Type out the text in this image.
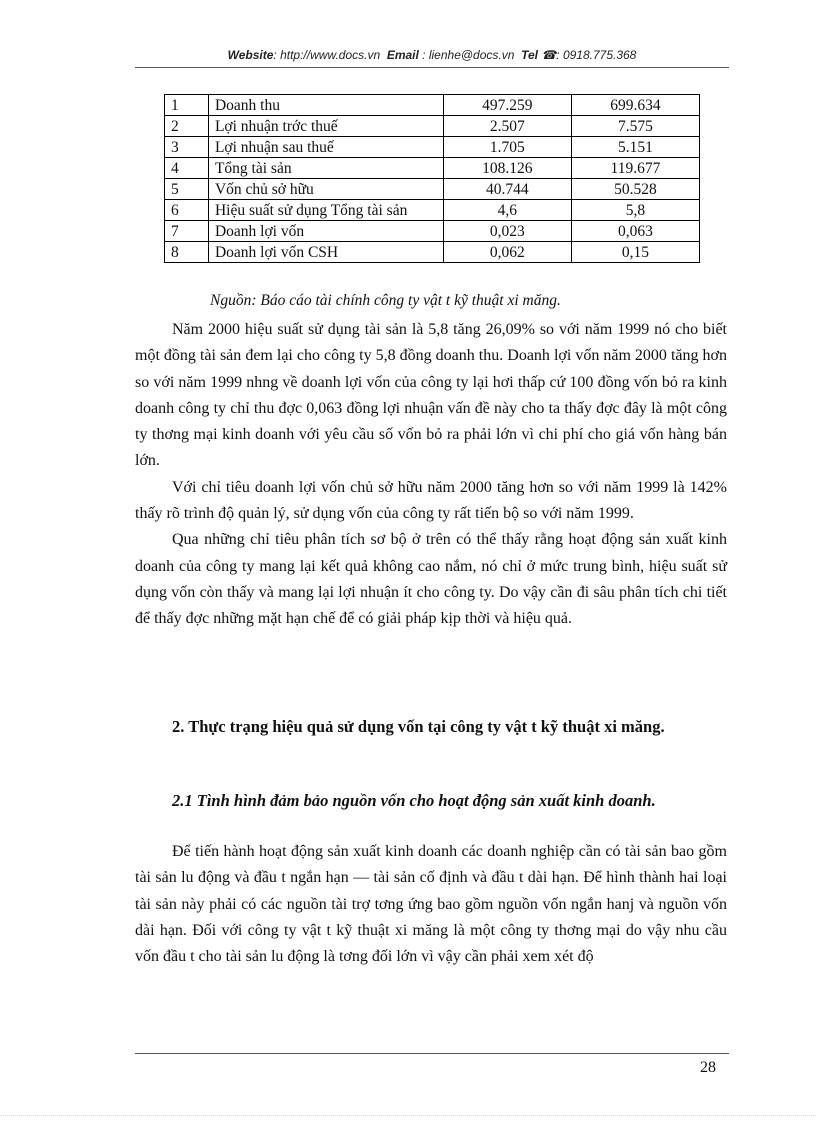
Website: http://www.docs.vn Email : lienhe@docs.vn Tel ☎: 0918.775.368
1	Doanh thu	497.259	699.634
2	Lợi nhuận trớc thuế	2.507	7.575
3	Lợi nhuận sau thuế	1.705	5.151
4	Tổng tài sản	108.126	119.677
5	Vốn chủ sở hữu	40.744	50.528
6	Hiệu suất sử dụng Tổng tài sản	4,6	5,8
7	Doanh lợi vốn	0,023	0,063
8	Doanh lợi vốn CSH	0,062	0,15
Nguồn: Báo cáo tài chính công ty vật t kỹ thuật xi măng.

Năm 2000 hiệu suất sử dụng tài sản là 5,8 tăng 26,09% so với năm 1999 nó cho biết một đồng tài sản đem lại cho công ty 5,8 đồng doanh thu. Doanh lợi vốn năm 2000 tăng hơn so với năm 1999 nhng về doanh lợi vốn của công ty lại hơi thấp cứ 100 đồng vốn bỏ ra kinh doanh công ty chỉ thu đợc 0,063 đồng lợi nhuận vấn đề này cho ta thấy đợc đây là một công ty thơng mại kinh doanh với yêu cầu số vốn bỏ ra phải lớn vì chi phí cho giá vốn hàng bán lớn.

Với chỉ tiêu doanh lợi vốn chủ sở hữu năm 2000 tăng hơn so với năm 1999 là 142% thấy rõ trình độ quản lý, sử dụng vốn của công ty rất tiến bộ so với năm 1999.

Qua những chỉ tiêu phân tích sơ bộ ở trên có thể thấy rằng hoạt động sản xuất kinh doanh của công ty mang lại kết quả không cao nắm, nó chỉ ở mức trung bình, hiệu suất sử dụng vốn còn thấy và mang lại lợi nhuận ít cho công ty. Do vậy cần đi sâu phân tích chi tiết để thấy đợc những mặt hạn chế để có giải pháp kịp thời và hiệu quả.

2. Thực trạng hiệu quả sử dụng vốn tại công ty vật t kỹ thuật xi măng.
2.1 Tình hình đảm bảo nguồn vốn cho hoạt động sản xuất kinh doanh.

Để tiến hành hoạt động sản xuất kinh doanh các doanh nghiệp cần có tài sản bao gồm tài sản lu động và đầu t ngắn hạn — tài sản cố định và đầu t dài hạn. Để hình thành hai loại tài sản này phải có các nguồn tài trợ tơng ứng bao gồm nguồn vốn ngắn hanj và nguồn vốn dài hạn. Đối với công ty vật t kỹ thuật xi măng là một công ty thơng mại do vậy nhu cầu vốn đầu t cho tài sản lu động là tơng đối lớn vì vậy cần phải xem xét độ

28
